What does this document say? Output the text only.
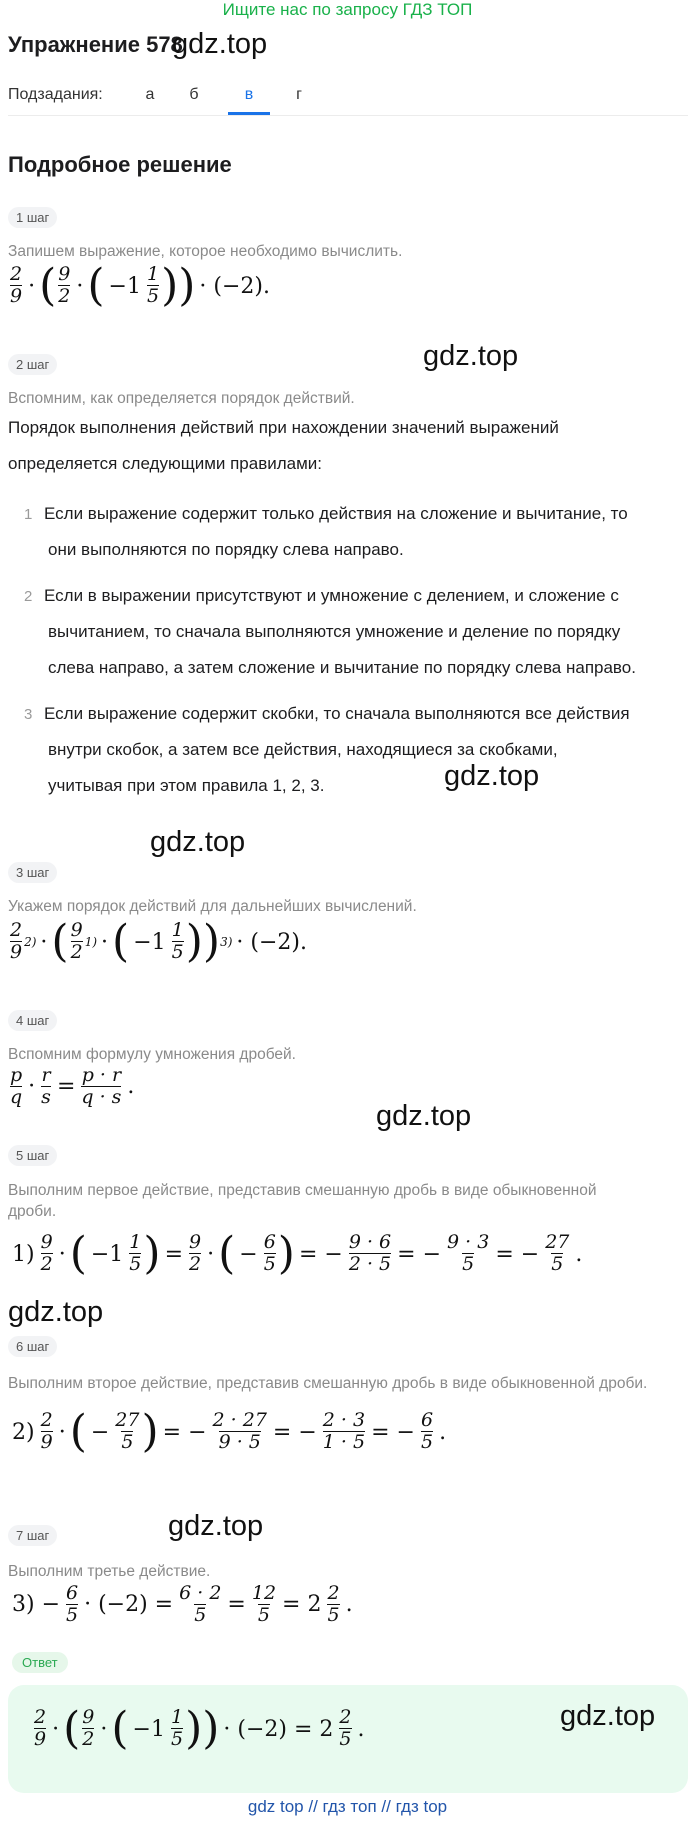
Ищите нас по запросу ГДЗ ТОП
Упражнение 578
gdz.top
Подзадания:	а	б	в	г
Подробное решение
1 шаг
Запишем выражение, которое необходимо вычислить.
2
9 · ( 9
2 · ( −1 1
5 ) ) · (−2).
2 шаг	gdz.top
Вспомним, как определяется порядок действий.
Порядок выполнения действий при нахождении значений выражений
определяется следующими правилами:
1 Если выражение содержит только действия на сложение и вычитание, то
они выполняются по порядку слева направо.
2 Если в выражении присутствуют и умножение с делением, и сложение с
вычитанием, то сначала выполняются умножение и деление по порядку
слева направо, а затем сложение и вычитание по порядку слева направо.
3 Если выражение содержит скобки, то сначала выполняются все действия
внутри скобок, а затем все действия, находящиеся за скобками,
учитывая при этом правила 1, 2, 3.	gdz.top
gdz.top
3 шаг
Укажем порядок действий для дальнейших вычислений.
2
9 2) · ( 9
2 1) · ( −1 1
5 ) ) 3) · (−2).
4 шаг
Вспомним формулу умножения дробей.
p
$q \cdot \frac{r}{s} = \frac{p \cdot r}{q \cdot s}$ .
gdz.top
5 шаг
Выполним первое действие, представив смешанную дробь в виде обыкновенной дроби.
1) 9
2 · ( −1 1
5 ) = $\frac{9}{2}$ · ( − $\frac{6}{5}$ ) = − $\frac{9 \cdot 6}{2 \cdot 5}$ = − $\frac{9 \cdot 3}{5}$ = − $\frac{27}{5}$ .
gdz.top
6 шаг
Выполним второе действие, представив смешанную дробь в виде обыкновенной дроби.
2) 2
9 · ( − $\frac{27}{5}$ ) = − $\frac{2 \cdot 27}{9 \cdot 5}$ = − $\frac{2 \cdot 3}{1 \cdot 5}$ = − $\frac{6}{5}$ .
7 шаг	gdz.top
Выполним третье действие.
$3) - \frac{6}{5} \cdot (-2) = \frac{6 \cdot 2}{5} = \frac{12}{5} = 2$ 2
5 .
Ответ
2
9 · ( 9
2 · ( −1 1
5 ) ) · (−2) = 2 2
5 .	gdz.top
gdz top // гдз топ // гдз top
